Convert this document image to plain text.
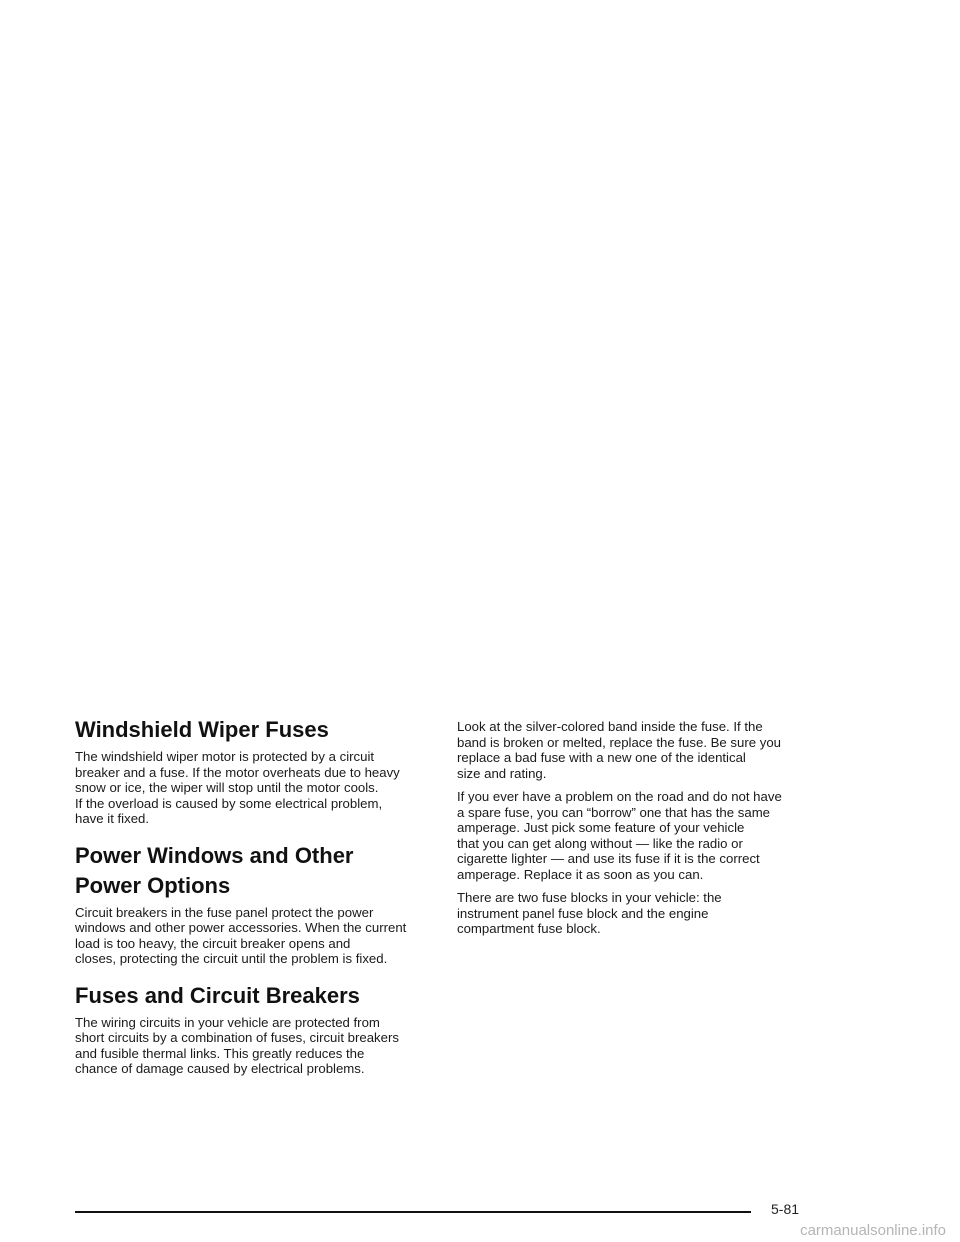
Windshield Wiper Fuses

The windshield wiper motor is protected by a circuit
breaker and a fuse. If the motor overheats due to heavy
snow or ice, the wiper will stop until the motor cools.
If the overload is caused by some electrical problem,
have it fixed.

Power Windows and Other Power Options

Circuit breakers in the fuse panel protect the power
windows and other power accessories. When the current
load is too heavy, the circuit breaker opens and
closes, protecting the circuit until the problem is fixed.

Fuses and Circuit Breakers

The wiring circuits in your vehicle are protected from
short circuits by a combination of fuses, circuit breakers
and fusible thermal links. This greatly reduces the
chance of damage caused by electrical problems.

Look at the silver-colored band inside the fuse. If the
band is broken or melted, replace the fuse. Be sure you
replace a bad fuse with a new one of the identical
size and rating.

If you ever have a problem on the road and do not have
a spare fuse, you can “borrow” one that has the same
amperage. Just pick some feature of your vehicle
that you can get along without — like the radio or
cigarette lighter — and use its fuse if it is the correct
amperage. Replace it as soon as you can.

There are two fuse blocks in your vehicle: the
instrument panel fuse block and the engine
compartment fuse block.

5-81
carmanualsonline.info
